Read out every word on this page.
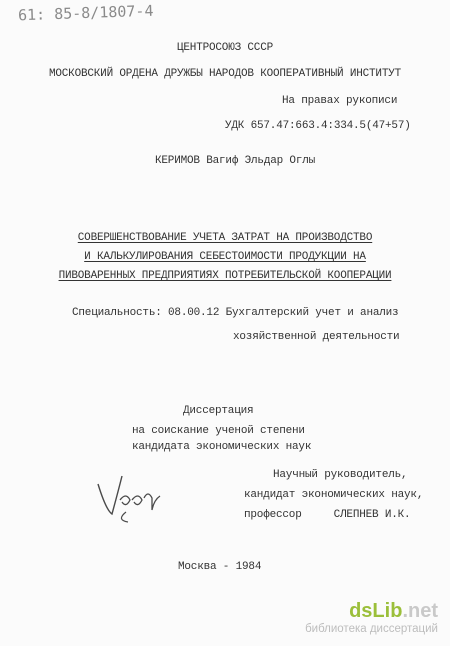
61: 85-8/1807-4
ЦЕНТРОСОЮЗ СССР
МОСКОВСКИЙ ОРДЕНА ДРУЖБЫ НАРОДОВ КООПЕРАТИВНЫЙ ИНСТИТУТ
На правах рукописи
УДК 657.47:663.4:334.5(47+57)
КЕРИМОВ Вагиф Эльдар Оглы
СОВЕРШЕНСТВОВАНИЕ УЧЕТА ЗАТРАТ НА ПРОИЗВОДСТВО
И КАЛЬКУЛИРОВАНИЯ СЕБЕСТОИМОСТИ ПРОДУКЦИИ НА
ПИВОВАРЕННЫХ ПРЕДПРИЯТИЯХ ПОТРЕБИТЕЛЬСКОЙ КООПЕРАЦИИ
Специальность: 08.00.12 Бухгалтерский учет и анализ
хозяйственной деятельности
Диссертация
на соискание ученой степени
кандидата экономических наук
Научный руководитель,
кандидат экономических наук,
профессор     СЛЕПНЕВ И.К.
Москва - 1984
dsLib.net
библиотека диссертаций
